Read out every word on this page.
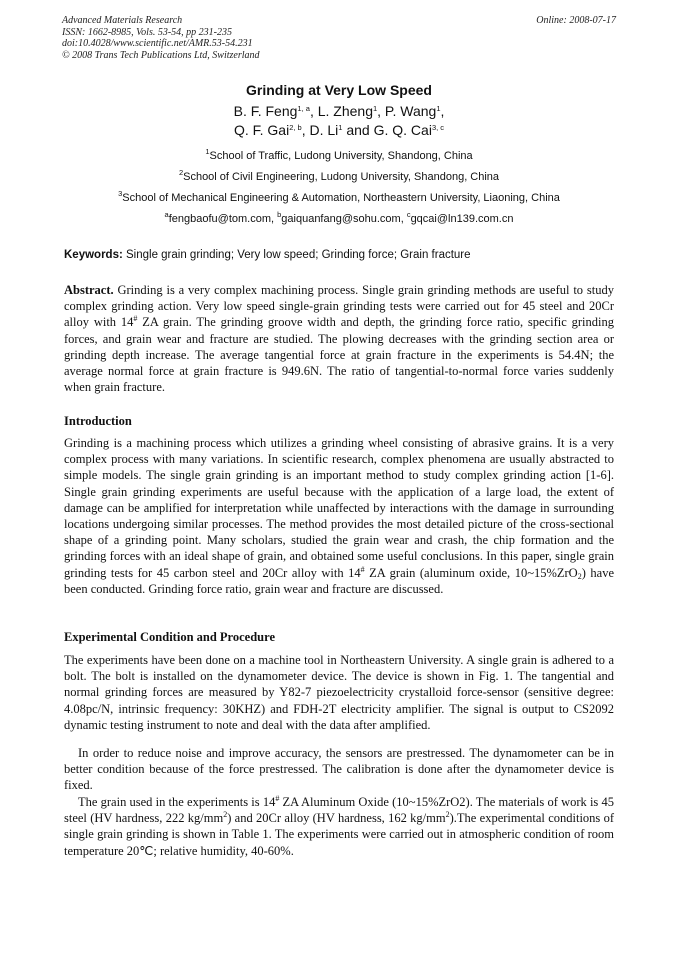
Advanced Materials Research
ISSN: 1662-8985, Vols. 53-54, pp 231-235
doi:10.4028/www.scientific.net/AMR.53-54.231
© 2008 Trans Tech Publications Ltd, Switzerland
Online: 2008-07-17
Grinding at Very Low Speed
B. F. Feng$^{1, a}$, L. Zheng$^1$, P. Wang$^1$,
Q. F. Gai$^{2, b}$, D. Li$^1$ and G. Q. Cai$^{3, c}$
$^1$School of Traffic, Ludong University, Shandong, China
$^2$School of Civil Engineering, Ludong University, Shandong, China
$^3$School of Mechanical Engineering & Automation, Northeastern University, Liaoning, China
$^a$fengbaofu@tom.com, $^b$gaiquanfang@sohu.com, $^c$gqcai@ln139.com.cn
Keywords: Single grain grinding; Very low speed; Grinding force; Grain fracture
Abstract. Grinding is a very complex machining process. Single grain grinding methods are useful to study complex grinding action. Very low speed single-grain grinding tests were carried out for 45 steel and 20Cr alloy with 14# ZA grain. The grinding groove width and depth, the grinding force ratio, specific grinding forces, and grain wear and fracture are studied. The plowing decreases with the grinding section area or grinding depth increase. The average tangential force at grain fracture in the experiments is 54.4N; the average normal force at grain fracture is 949.6N. The ratio of tangential-to-normal force varies suddenly when grain fracture.
Introduction
Grinding is a machining process which utilizes a grinding wheel consisting of abrasive grains. It is a very complex process with many variations. In scientific research, complex phenomena are usually abstracted to simple models. The single grain grinding is an important method to study complex grinding action [1-6]. Single grain grinding experiments are useful because with the application of a large load, the extent of damage can be amplified for interpretation while unaffected by interactions with the damage in surrounding locations undergoing similar processes. The method provides the most detailed picture of the cross-sectional shape of a grinding point. Many scholars, studied the grain wear and crash, the chip formation and the grinding forces with an ideal shape of grain, and obtained some useful conclusions. In this paper, single grain grinding tests for 45 carbon steel and 20Cr alloy with 14# ZA grain (aluminum oxide, 10~15%ZrO$_2$) have been conducted. Grinding force ratio, grain wear and fracture are discussed.
Experimental Condition and Procedure
The experiments have been done on a machine tool in Northeastern University. A single grain is adhered to a bolt. The bolt is installed on the dynamometer device. The device is shown in Fig. 1. The tangential and normal grinding forces are measured by Y82-7 piezoelectricity crystalloid force-sensor (sensitive degree: 4.08pc/N, intrinsic frequency: 30KHZ) and FDH-2T electricity amplifier. The signal is output to CS2092 dynamic testing instrument to note and deal with the data after amplified.
In order to reduce noise and improve accuracy, the sensors are prestressed. The dynamometer can be in better condition because of the force prestressed. The calibration is done after the dynamometer device is fixed.
The grain used in the experiments is 14# ZA Aluminum Oxide (10~15%ZrO2). The materials of work is 45 steel (HV hardness, 222 $kg/mm^2$) and 20Cr alloy (HV hardness, 162 $kg/mm^2).The$ experimental conditions of single grain grinding is shown in Table 1. The experiments were carried out in atmospheric condition of room temperature 20℃; relative humidity, 40-60%.
